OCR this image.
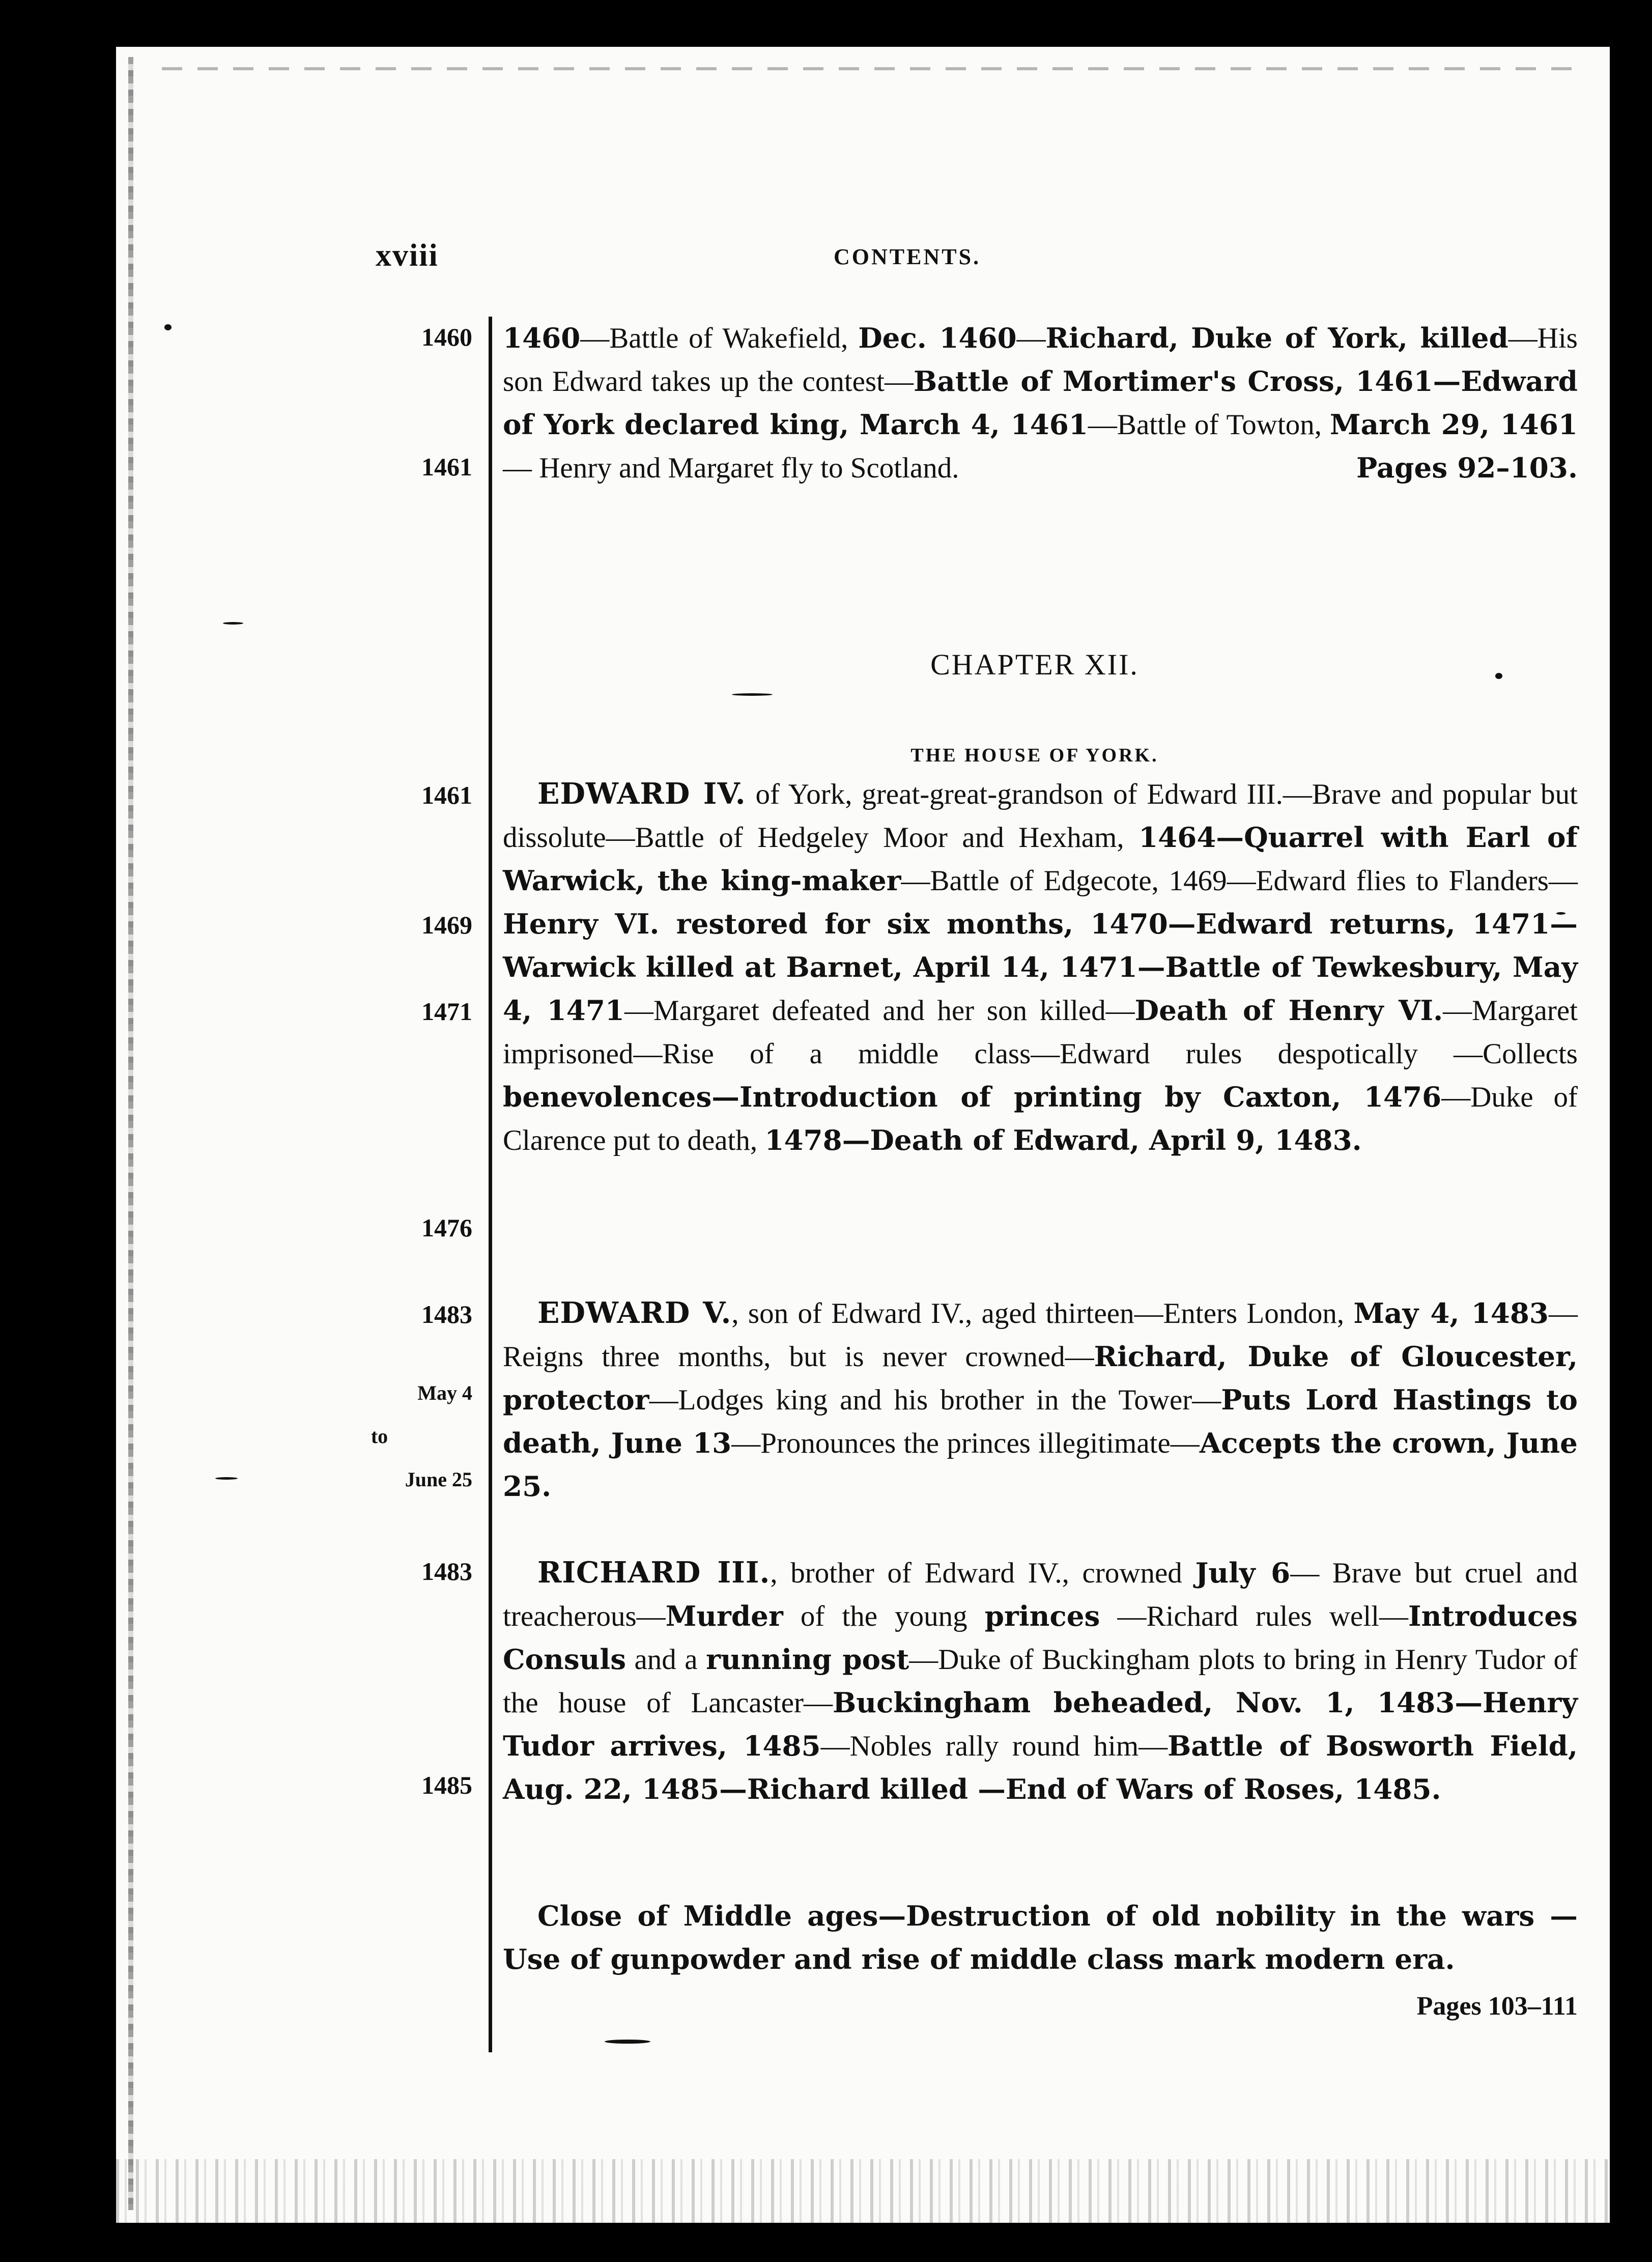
xviii	CONTENTS.
1460
1461
1461
1469
1471
1476
1483
May 4
to
June 25
1483
1485

1460—Battle of Wakefield, Dec. 1460—Richard, Duke of York, killed—His son Edward takes up the contest—Battle of Mortimer's Cross, 1461—Edward of York declared king, March 4, 1461—Battle of Towton, March 29, 1461— Henry and Margaret fly to Scotland.	Pages 92–103.

CHAPTER XII.
THE HOUSE OF YORK.

EDWARD IV. of York, great-great-grandson of Edward III.—Brave and popular but dissolute—Battle of Hedgeley Moor and Hexham, 1464—Quarrel with Earl of Warwick, the king-maker—Battle of Edgecote, 1469—Edward flies to Flanders—Henry VI. restored for six months, 1470—Edward returns, 1471—Warwick killed at Barnet, April 14, 1471—Battle of Tewkesbury, May 4, 1471—Margaret defeated and her son killed—Death of Henry VI.—Margaret imprisoned—Rise of a middle class—Edward rules despotically —Collects benevolences—Introduction of printing by Caxton, 1476—Duke of Clarence put to death, 1478—Death of Edward, April 9, 1483.

EDWARD V., son of Edward IV., aged thirteen—Enters London, May 4, 1483—Reigns three months, but is never crowned—Richard, Duke of Gloucester, protector—Lodges king and his brother in the Tower—Puts Lord Hastings to death, June 13—Pronounces the princes illegitimate—Accepts the crown, June 25.

RICHARD III., brother of Edward IV., crowned July 6— Brave but cruel and treacherous—Murder of the young princes —Richard rules well—Introduces Consuls and a running post—Duke of Buckingham plots to bring in Henry Tudor of the house of Lancaster—Buckingham beheaded, Nov. 1, 1483—Henry Tudor arrives, 1485—Nobles rally round him—Battle of Bosworth Field, Aug. 22, 1485—Richard killed —End of Wars of Roses, 1485.

Close of Middle ages—Destruction of old nobility in the wars —Use of gunpowder and rise of middle class mark modern era.

Pages 103–111
